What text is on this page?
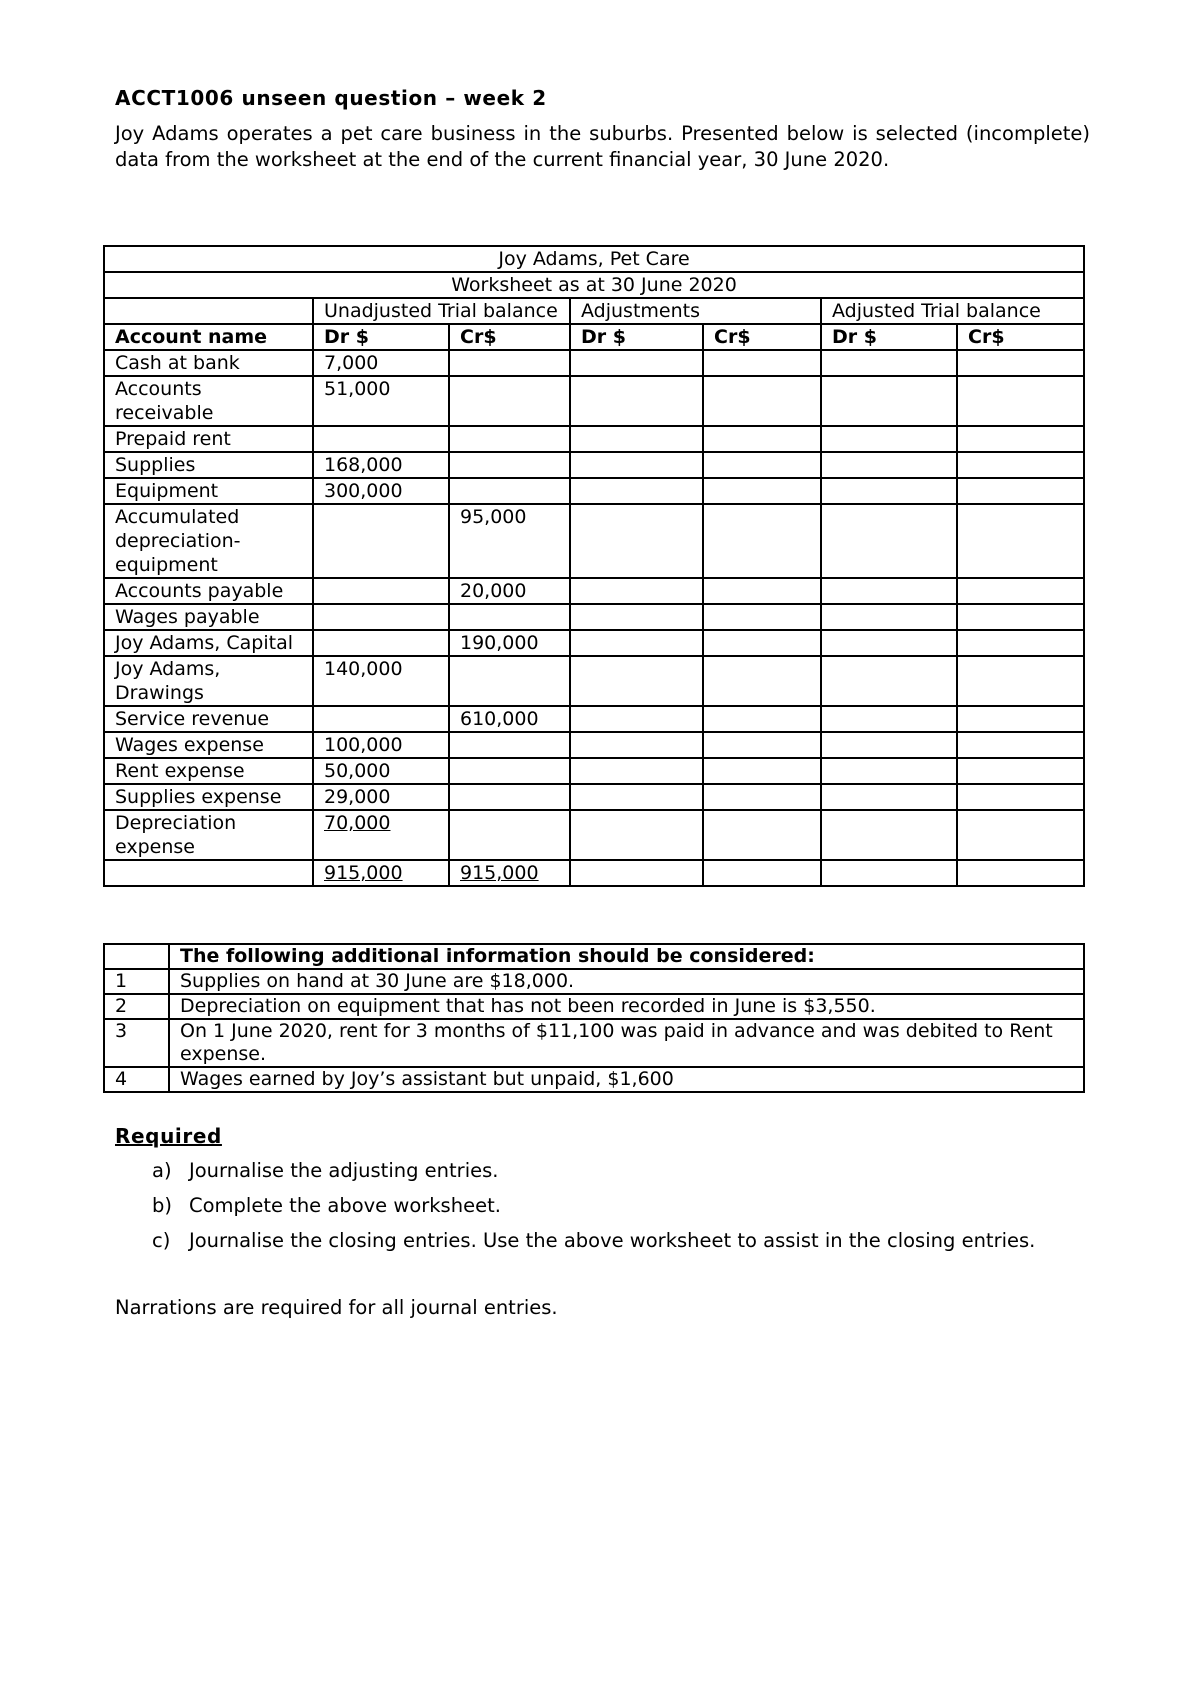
ACCT1006 unseen question – week 2

Joy Adams operates a pet care business in the suburbs. Presented below is selected (incomplete) data from the worksheet at the end of the current financial year, 30 June 2020.

Joy Adams, Pet Care						
Worksheet as at 30 June 2020						
	Unadjusted Trial balance		Adjustments		Adjusted Trial balance	
Account name	Dr $	Cr$	Dr $	Cr$	Dr $	Cr$
Cash at bank	7,000					
Accounts receivable	51,000					
Prepaid rent						
Supplies	168,000					
Equipment	300,000					
Accumulated depreciation-equipment		95,000				
Accounts payable		20,000				
Wages payable						
Joy Adams, Capital		190,000				
Joy Adams, Drawings	140,000					
Service revenue		610,000				
Wages expense	100,000					
Rent expense	50,000					
Supplies expense	29,000					
Depreciation expense	70,000					
	915,000	915,000				
	The following additional information should be considered:
1	Supplies on hand at 30 June are $18,000.
2	Depreciation on equipment that has not been recorded in June is $3,550.
3	On 1 June 2020, rent for 3 months of $11,100 was paid in advance and was debited to Rent expense.
4	Wages earned by Joy’s assistant but unpaid, $1,600

Required

a) Journalise the adjusting entries.
b) Complete the above worksheet.
c) Journalise the closing entries. Use the above worksheet to assist in the closing entries.

Narrations are required for all journal entries.
